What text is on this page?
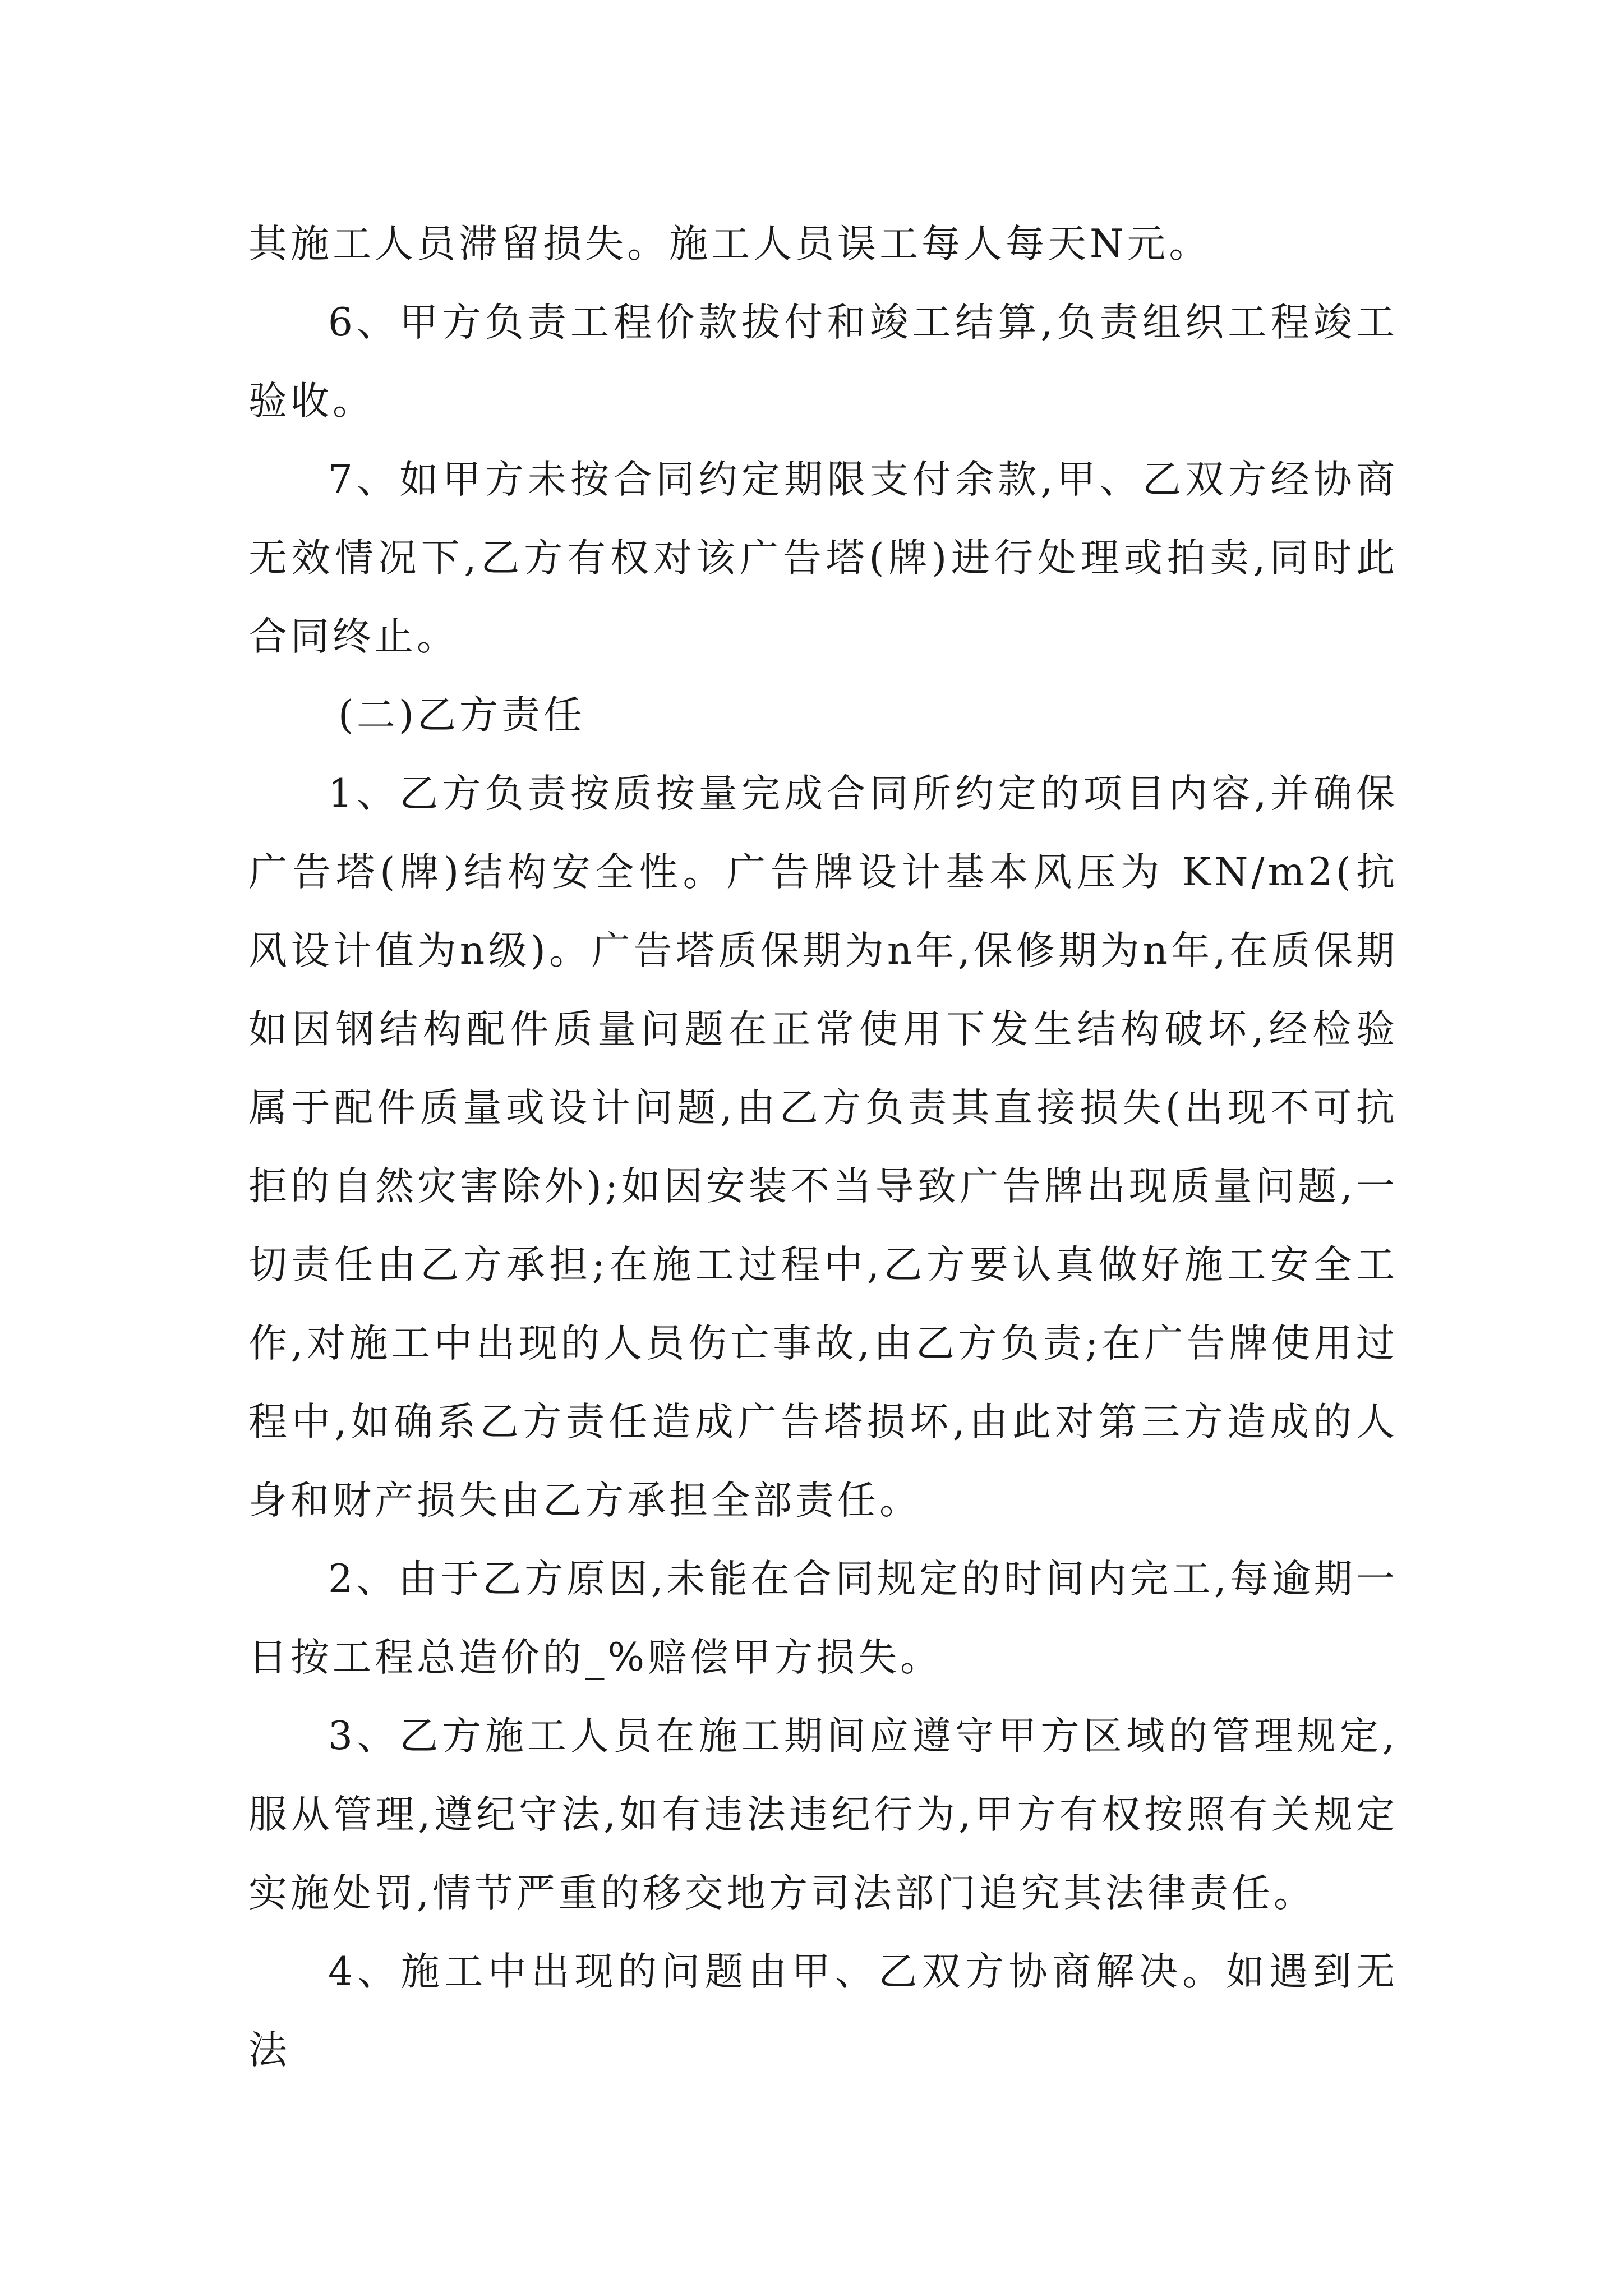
其施工人员滞留损失。施工人员误工每人每天N元。

6、甲方负责工程价款拔付和竣工结算,负责组织工程竣工验收。

7、如甲方未按合同约定期限支付余款,甲、乙双方经协商无效情况下,乙方有权对该广告塔(牌)进行处理或拍卖,同时此合同终止。

(二)乙方责任

1、乙方负责按质按量完成合同所约定的项目内容,并确保广告塔(牌)结构安全性。广告牌设计基本风压为 KN/m2(抗风设计值为n级)。广告塔质保期为n年,保修期为n年,在质保期如因钢结构配件质量问题在正常使用下发生结构破坏,经检验属于配件质量或设计问题,由乙方负责其直接损失(出现不可抗拒的自然灾害除外);如因安装不当导致广告牌出现质量问题,一切责任由乙方承担;在施工过程中,乙方要认真做好施工安全工作,对施工中出现的人员伤亡事故,由乙方负责;在广告牌使用过程中,如确系乙方责任造成广告塔损坏,由此对第三方造成的人身和财产损失由乙方承担全部责任。

2、由于乙方原因,未能在合同规定的时间内完工,每逾期一日按工程总造价的_%赔偿甲方损失。

3、乙方施工人员在施工期间应遵守甲方区域的管理规定,服从管理,遵纪守法,如有违法违纪行为,甲方有权按照有关规定实施处罚,情节严重的移交地方司法部门追究其法律责任。

4、施工中出现的问题由甲、乙双方协商解决。如遇到无法
